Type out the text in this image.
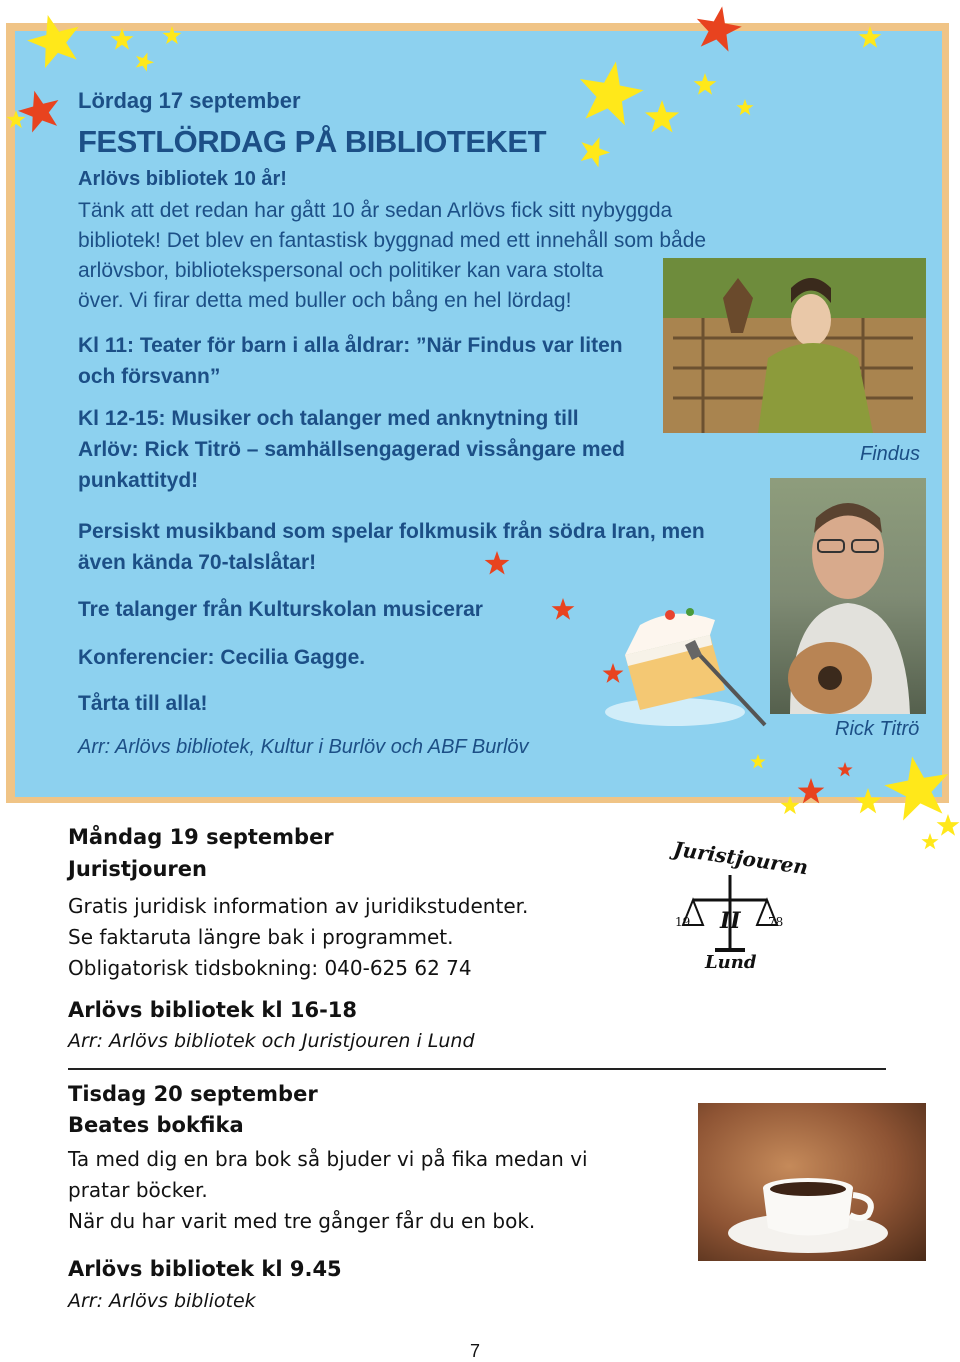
Lördag 17 september
FESTLÖRDAG PÅ BIBLIOTEKET
Arlövs bibliotek 10 år!
Tänk att det redan har gått 10 år sedan Arlövs fick sitt nybyggda
bibliotek! Det blev en fantastisk byggnad med ett innehåll som både
arlövsbor, bibliotekspersonal och politiker kan vara stolta
över. Vi firar detta med buller och bång en hel lördag!
Kl 11: Teater för barn i alla åldrar: ”När Findus var liten
och försvann”
Kl 12-15: Musiker och talanger med anknytning till
Arlöv: Rick Titrö – samhällsengagerad vissångare med
punkattityd!
Persiskt musikband som spelar folkmusik från södra Iran, men
även kända 70-talslåtar!
Tre talanger från Kulturskolan musicerar
Konferencier: Cecilia Gagge.
Tårta till alla!
Arr: Arlövs bibliotek, Kultur i Burlöv och ABF Burlöv
Findus
Rick Titrö
Måndag 19 september
Juristjouren
Gratis juridisk information av juridikstudenter.
Se faktaruta längre bak i programmet.
Obligatorisk tidsbokning: 040-625 62 74
Arlövs bibliotek kl 16-18
Arr: Arlövs bibliotek och Juristjouren i Lund
Juristjouren
19	78
II
Lund
Tisdag 20 september
Beates bokfika
Ta med dig en bra bok så bjuder vi på fika medan vi
pratar böcker.
När du har varit med tre gånger får du en bok.
Arlövs bibliotek kl 9.45
Arr: Arlövs bibliotek
7
